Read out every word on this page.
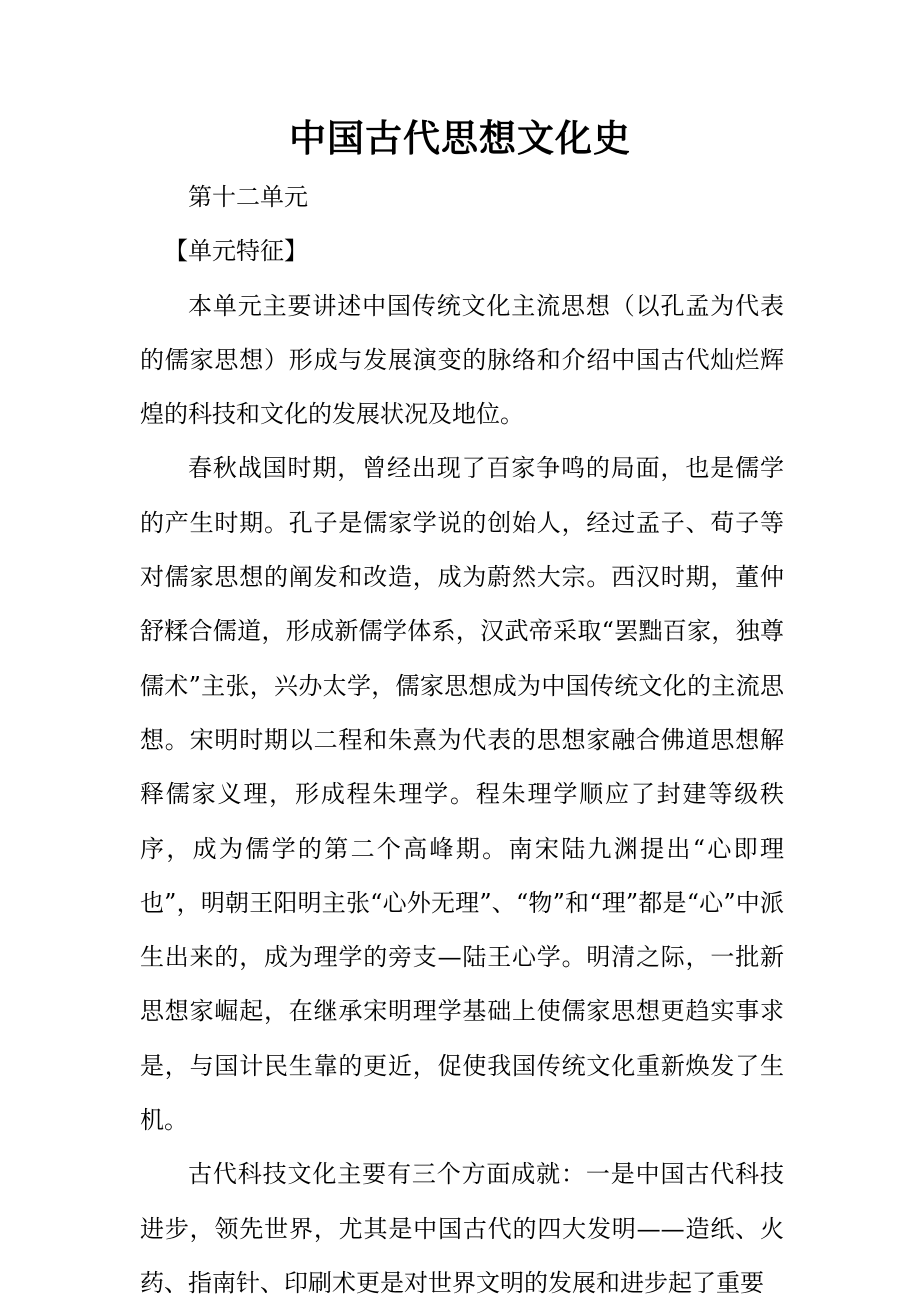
中国古代思想文化史

第十二单元

【单元特征】

本单元主要讲述中国传统文化主流思想（以孔孟为代表的儒家思想）形成与发展演变的脉络和介绍中国古代灿烂辉煌的科技和文化的发展状况及地位。

春秋战国时期，曾经出现了百家争鸣的局面，也是儒学的产生时期。孔子是儒家学说的创始人，经过孟子、荀子等对儒家思想的阐发和改造，成为蔚然大宗。西汉时期，董仲舒糅合儒道，形成新儒学体系，汉武帝采取“罢黜百家，独尊儒术”主张，兴办太学，儒家思想成为中国传统文化的主流思想。宋明时期以二程和朱熹为代表的思想家融合佛道思想解释儒家义理，形成程朱理学。程朱理学顺应了封建等级秩序，成为儒学的第二个高峰期。南宋陆九渊提出“心即理也”，明朝王阳明主张“心外无理”、“物”和“理”都是“心”中派生出来的，成为理学的旁支—陆王心学。明清之际，一批新思想家崛起，在继承宋明理学基础上使儒家思想更趋实事求是，与国计民生靠的更近，促使我国传统文化重新焕发了生机。

古代科技文化主要有三个方面成就：一是中国古代科技进步，领先世界，尤其是中国古代的四大发明——造纸、火药、指南针、印刷术更是对世界文明的发展和进步起了重要
